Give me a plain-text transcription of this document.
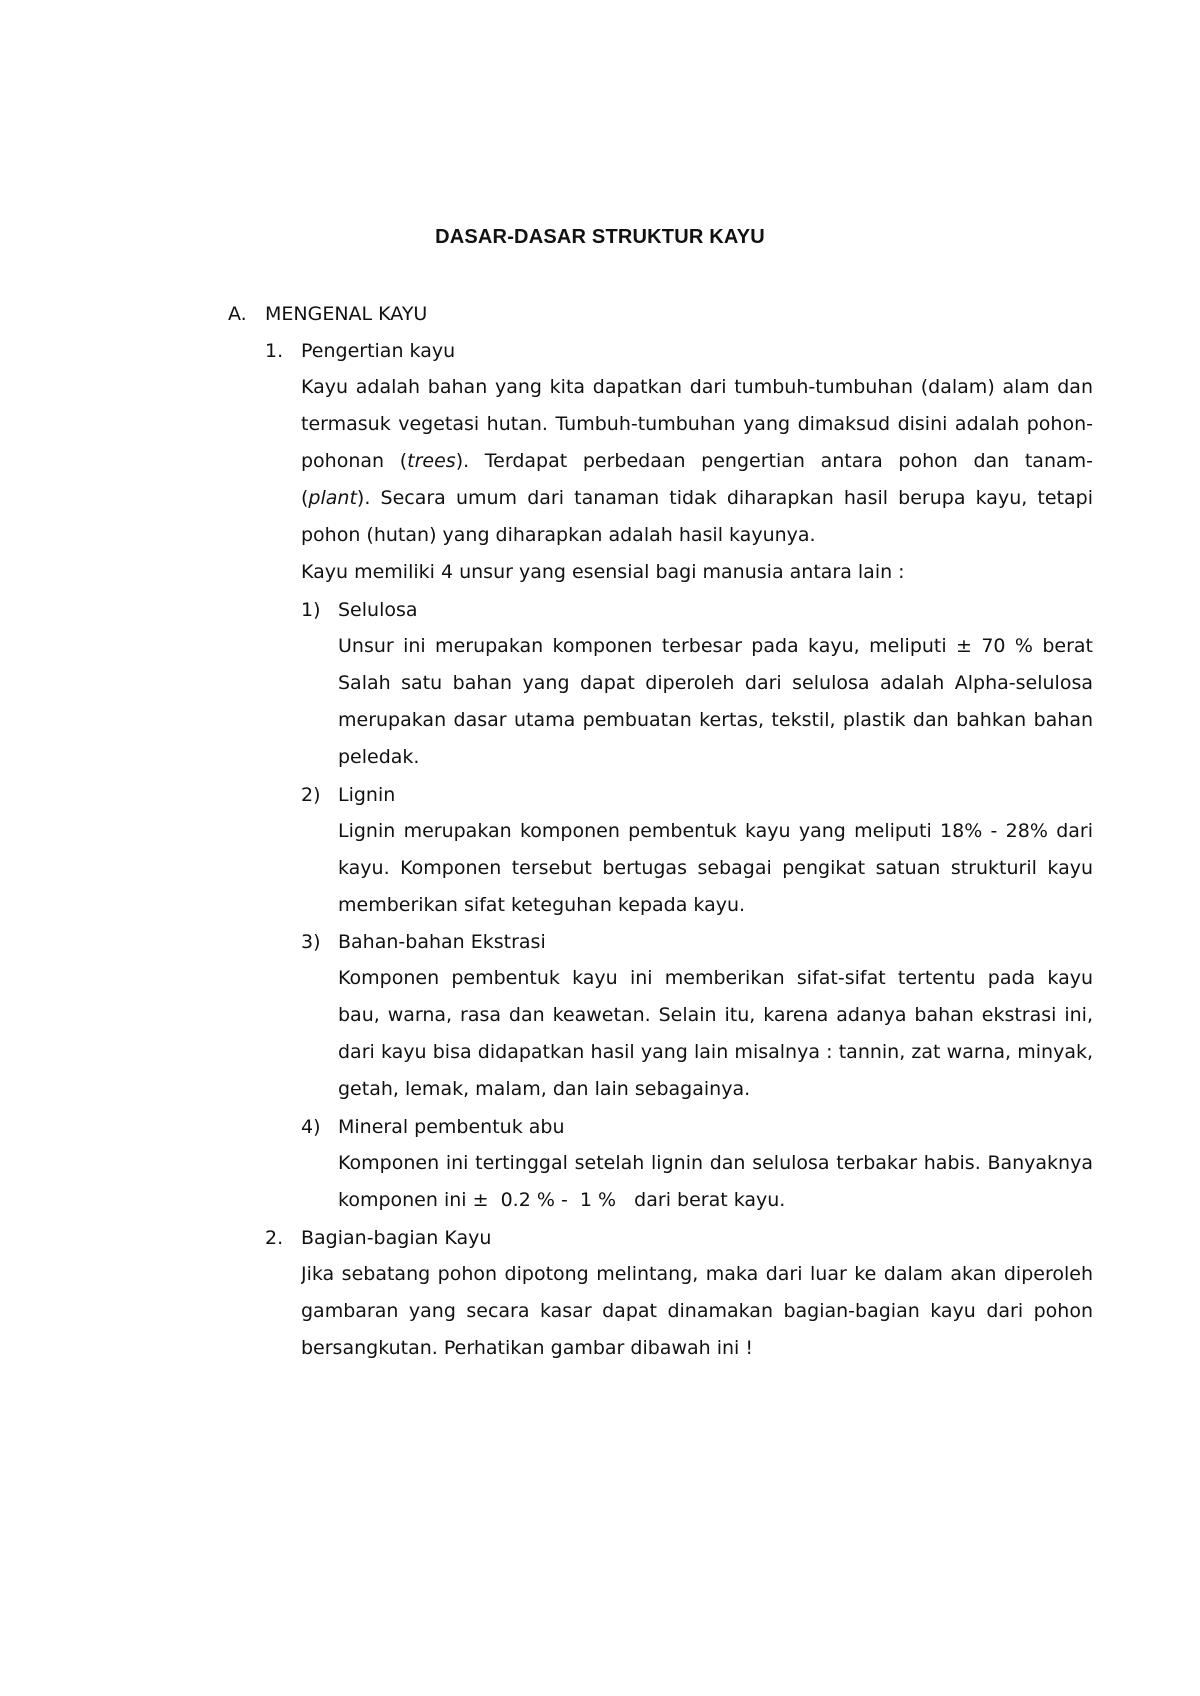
DASAR-DASAR STRUKTUR KAYU
A. MENGENAL KAYU
1. Pengertian kayu
Kayu adalah bahan yang kita dapatkan dari tumbuh-tumbuhan (dalam) alam dan
termasuk vegetasi hutan. Tumbuh-tumbuhan yang dimaksud disini adalah pohon-
pohonan (trees). Terdapat perbedaan pengertian antara pohon dan tanam-
(plant). Secara umum dari tanaman tidak diharapkan hasil berupa kayu, tetapi
pohon (hutan) yang diharapkan adalah hasil kayunya.
Kayu memiliki 4 unsur yang esensial bagi manusia antara lain :
1) Selulosa
Unsur ini merupakan komponen terbesar pada kayu, meliputi ± 70 % berat
Salah satu bahan yang dapat diperoleh dari selulosa adalah Alpha-selulosa
merupakan dasar utama pembuatan kertas, tekstil, plastik dan bahkan bahan
peledak.
2) Lignin
Lignin merupakan komponen pembentuk kayu yang meliputi 18% - 28% dari
kayu. Komponen tersebut bertugas sebagai pengikat satuan strukturil kayu
memberikan sifat keteguhan kepada kayu.
3) Bahan-bahan Ekstrasi
Komponen pembentuk kayu ini memberikan sifat-sifat tertentu pada kayu
bau, warna, rasa dan keawetan. Selain itu, karena adanya bahan ekstrasi ini,
dari kayu bisa didapatkan hasil yang lain misalnya : tannin, zat warna, minyak,
getah, lemak, malam, dan lain sebagainya.
4) Mineral pembentuk abu
Komponen ini tertinggal setelah lignin dan selulosa terbakar habis. Banyaknya
komponen ini ±  0.2 % -  1 %   dari berat kayu.
2. Bagian-bagian Kayu
Jika sebatang pohon dipotong melintang, maka dari luar ke dalam akan diperoleh
gambaran yang secara kasar dapat dinamakan bagian-bagian kayu dari pohon
bersangkutan. Perhatikan gambar dibawah ini !
